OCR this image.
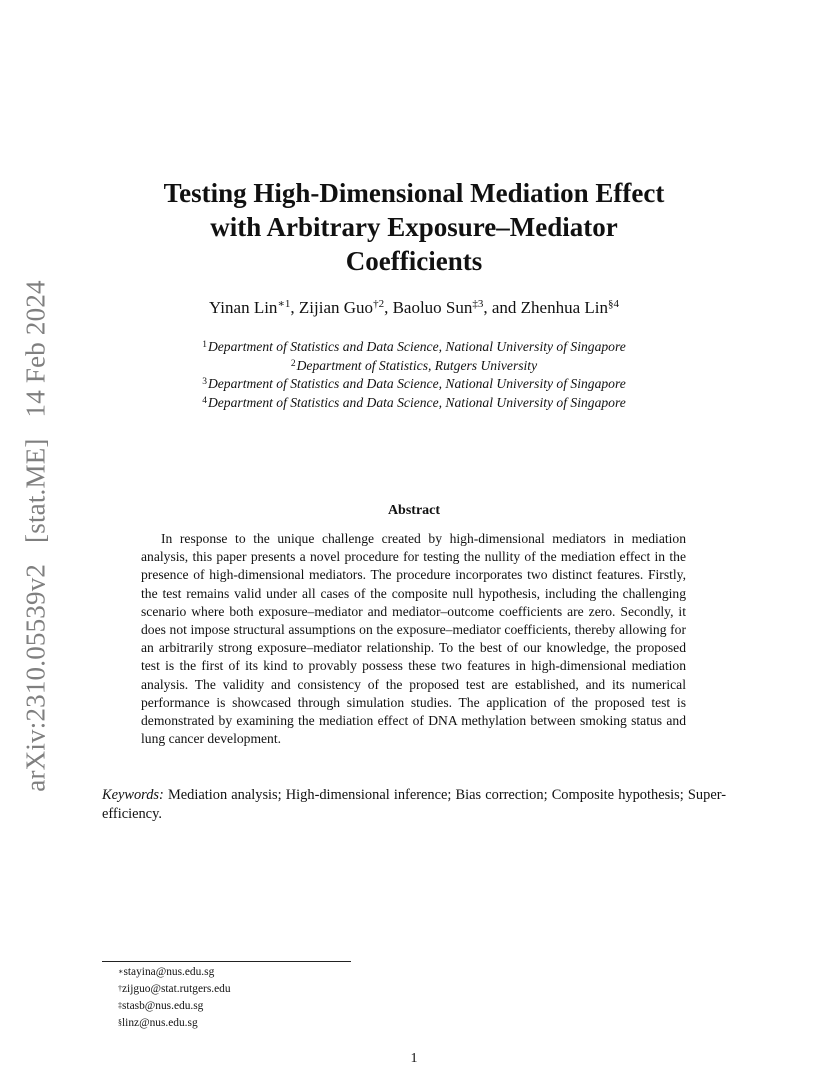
arXiv:2310.05539v2 [stat.ME] 14 Feb 2024
Testing High-Dimensional Mediation Effect
with Arbitrary Exposure–Mediator
Coefficients
Yinan Lin$^{∗1}$, Zijian Guo$^{\dagger 2}$, Baoluo Sun$^{\ddagger 3}$, and Zhenhua Lin$^{\S 4}$
$^1$Department of Statistics and Data Science, National University of Singapore
$^2$Department of Statistics, Rutgers University
$^3$Department of Statistics and Data Science, National University of Singapore
$^4$Department of Statistics and Data Science, National University of Singapore
Abstract

In response to the unique challenge created by high-dimensional mediators in mediation analysis, this paper presents a novel procedure for testing the nullity of the mediation effect in the presence of high-dimensional mediators. The procedure incorporates two distinct features. Firstly, the test remains valid under all cases of the composite null hypothesis, including the challenging scenario where both exposure–mediator and mediator–outcome coefficients are zero. Secondly, it does not impose structural assumptions on the exposure–mediator coefficients, thereby allowing for an arbitrarily strong exposure–mediator relationship. To the best of our knowledge, the proposed test is the first of its kind to provably possess these two features in high-dimensional mediation analysis. The validity and consistency of the proposed test are established, and its numerical performance is showcased through simulation studies. The application of the proposed test is demonstrated by examining the mediation effect of DNA methylation between smoking status and lung cancer development.

Keywords: Mediation analysis; High-dimensional inference; Bias correction; Composite hypothesis; Super-efficiency.

∗stayina@nus.edu.sg
†zijguo@stat.rutgers.edu
‡stasb@nus.edu.sg
§linz@nus.edu.sg
1
